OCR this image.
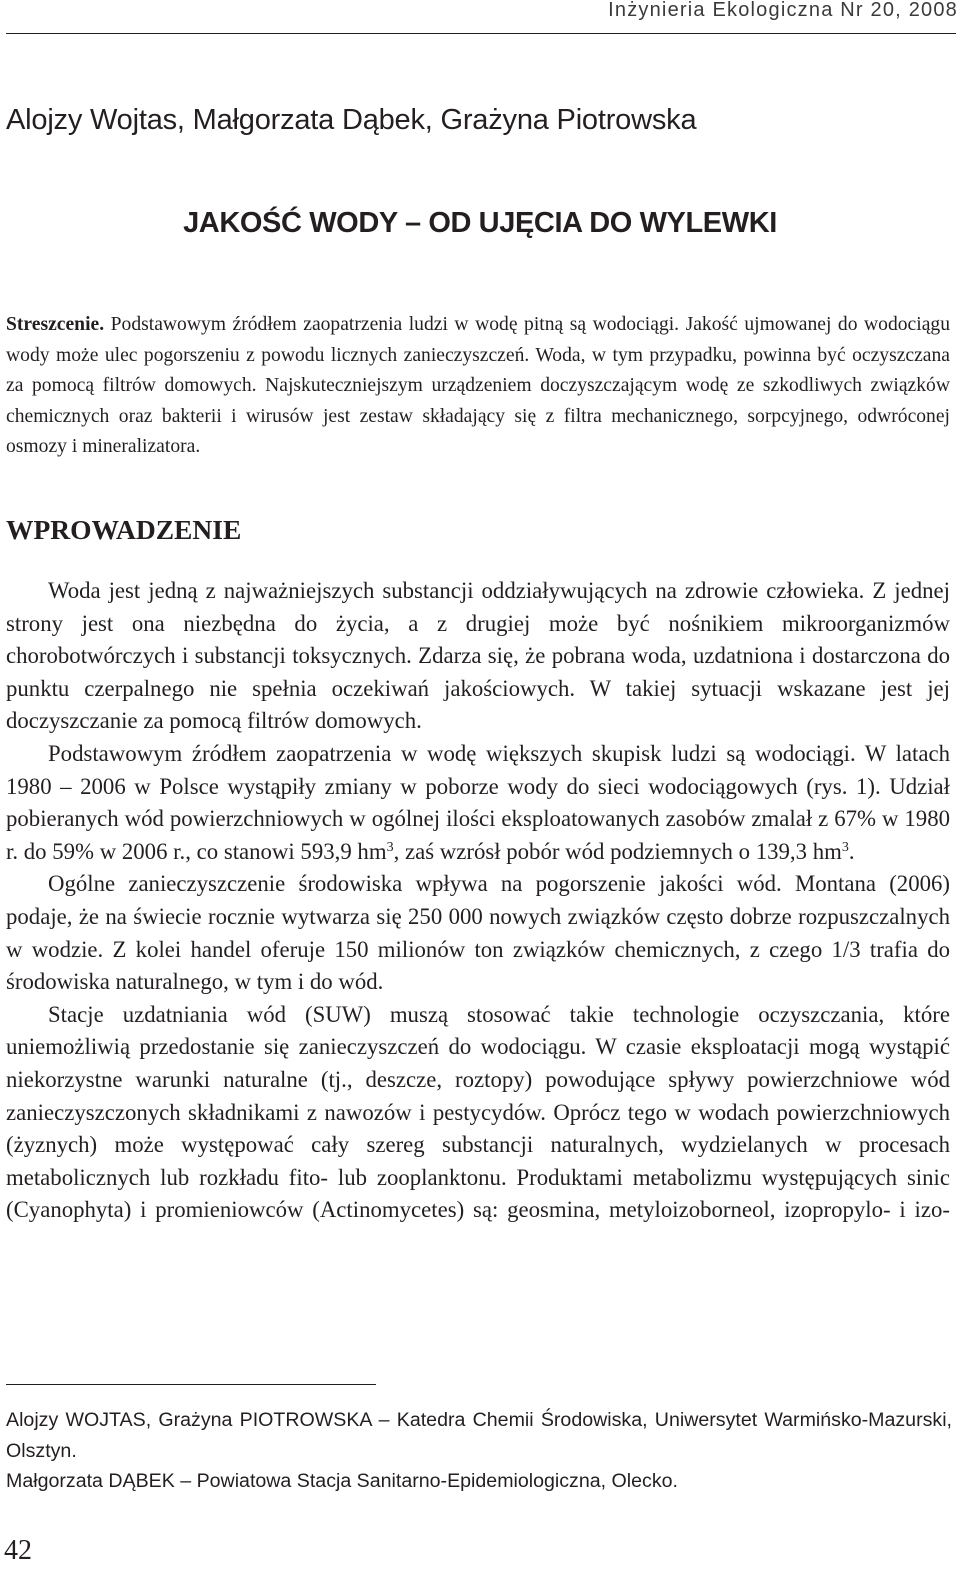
Inżynieria Ekologiczna Nr 20, 2008
Alojzy Wojtas, Małgorzata Dąbek, Grażyna Piotrowska
JAKOŚĆ WODY – OD UJĘCIA DO WYLEWKI
Streszcenie. Podstawowym źródłem zaopatrzenia ludzi w wodę pitną są wodociągi. Jakość ujmowanej do wodociągu wody może ulec pogorszeniu z powodu licznych zanieczyszczeń. Woda, w tym przypadku, powinna być oczyszczana za pomocą filtrów domowych. Najskuteczniejszym urządzeniem doczyszczającym wodę ze szkodliwych związków chemicznych oraz bakterii i wirusów jest zestaw składający się z filtra mechanicznego, sorpcyjnego, odwróconej osmozy i mineralizatora.
WPROWADZENIE

Woda jest jedną z najważniejszych substancji oddziaływujących na zdrowie człowieka. Z jednej strony jest ona niezbędna do życia, a z drugiej może być nośnikiem mikroorganizmów chorobotwórczych i substancji toksycznych. Zdarza się, że pobrana woda, uzdatniona i dostarczona do punktu czerpalnego nie spełnia oczekiwań jakościowych. W takiej sytuacji wskazane jest jej doczyszczanie za pomocą filtrów domowych.

Podstawowym źródłem zaopatrzenia w wodę większych skupisk ludzi są wodociągi. W latach 1980 – 2006 w Polsce wystąpiły zmiany w poborze wody do sieci wodociągowych (rys. 1). Udział pobieranych wód powierzchniowych w ogólnej ilości eksploatowanych zasobów zmalał z 67% w 1980 r. do 59% w 2006 r., co stanowi 593,9 $hm^3$, zaś wzrósł pobór wód podziemnych o 139,3 $hm^3$.

Ogólne zanieczyszczenie środowiska wpływa na pogorszenie jakości wód. Montana (2006) podaje, że na świecie rocznie wytwarza się 250 000 nowych związków często dobrze rozpuszczalnych w wodzie. Z kolei handel oferuje 150 milionów ton związków chemicznych, z czego 1/3 trafia do środowiska naturalnego, w tym i do wód.

Stacje uzdatniania wód (SUW) muszą stosować takie technologie oczyszczania, które uniemożliwią przedostanie się zanieczyszczeń do wodociągu. W czasie eksploatacji mogą wystąpić niekorzystne warunki naturalne (tj., deszcze, roztopy) powodujące spływy powierzchniowe wód zanieczyszczonych składnikami z nawozów i pestycydów. Oprócz tego w wodach powierzchniowych (żyznych) może występować cały szereg substancji naturalnych, wydzielanych w procesach metabolicznych lub rozkładu fito- lub zooplanktonu. Produktami metabolizmu występujących sinic (Cyanophyta) i promieniowców (Actinomycetes) są: geosmina, metyloizoborneol, izopropylo- i izo-

Alojzy WOJTAS, Grażyna PIOTROWSKA – Katedra Chemii Środowiska, Uniwersytet Warmińsko-Mazurski, Olsztyn.

Małgorzata DĄBEK – Powiatowa Stacja Sanitarno-Epidemiologiczna, Olecko.

42
